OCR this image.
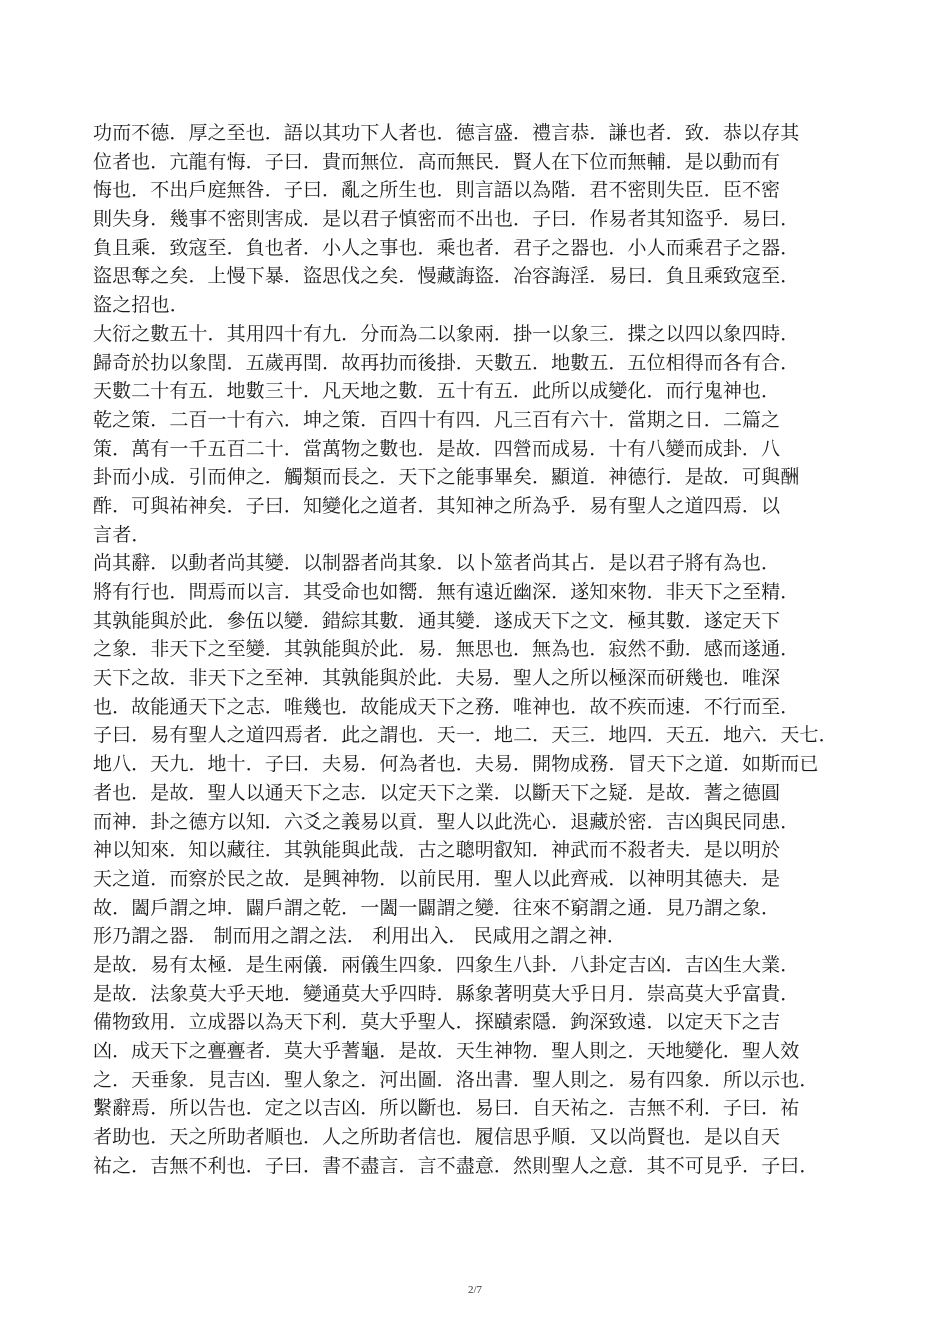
功而不德．厚之至也．語以其功下人者也．德言盛．禮言恭．謙也者．致．恭以存其
位者也．亢龍有悔．子曰．貴而無位．高而無民．賢人在下位而無輔．是以動而有
悔也．不出戶庭無咎．子曰．亂之所生也．則言語以為階．君不密則失臣．臣不密
則失身．幾事不密則害成．是以君子慎密而不出也．子曰．作易者其知盜乎．易曰．
負且乘．致寇至．負也者．小人之事也．乘也者．君子之器也．小人而乘君子之器．
盜思奪之矣．上慢下暴．盜思伐之矣．慢藏誨盜．冶容誨淫．易曰．負且乘致寇至．
盜之招也．
大衍之數五十．其用四十有九．分而為二以象兩．掛一以象三．揲之以四以象四時．
歸奇於扐以象閏．五歲再閏．故再扐而後掛．天數五．地數五．五位相得而各有合．
天數二十有五．地數三十．凡天地之數．五十有五．此所以成變化．而行鬼神也．
乾之策．二百一十有六．坤之策．百四十有四．凡三百有六十．當期之日．二篇之
策．萬有一千五百二十．當萬物之數也．是故．四營而成易．十有八變而成卦．八
卦而小成．引而伸之．觸類而長之．天下之能事畢矣．顯道．神德行．是故．可與酬
酢．可與祐神矣．子曰．知變化之道者．其知神之所為乎．易有聖人之道四焉．以
言者．
尚其辭．以動者尚其變．以制器者尚其象．以卜筮者尚其占．是以君子將有為也．
將有行也．問焉而以言．其受命也如嚮．無有遠近幽深．遂知來物．非天下之至精．
其孰能與於此．參伍以變．錯綜其數．通其變．遂成天下之文．極其數．遂定天下
之象．非天下之至變．其孰能與於此．易．無思也．無為也．寂然不動．感而遂通．
天下之故．非天下之至神．其孰能與於此．夫易．聖人之所以極深而研幾也．唯深
也．故能通天下之志．唯幾也．故能成天下之務．唯神也．故不疾而速．不行而至．
子曰．易有聖人之道四焉者．此之謂也．天一．地二．天三．地四．天五．地六．天七．
地八．天九．地十．子曰．夫易．何為者也．夫易．開物成務．冒天下之道．如斯而已
者也．是故．聖人以通天下之志．以定天下之業．以斷天下之疑．是故．蓍之德圓
而神．卦之德方以知．六爻之義易以貢．聖人以此洗心．退藏於密．吉凶與民同患．
神以知來．知以藏往．其孰能與此哉．古之聰明叡知．神武而不殺者夫．是以明於
天之道．而察於民之故．是興神物．以前民用．聖人以此齊戒．以神明其德夫．是
故．闔戶謂之坤．闢戶謂之乾．一闔一闢謂之變．往來不窮謂之通．見乃謂之象．
形乃謂之器． 制而用之謂之法． 利用出入． 民咸用之謂之神．
是故．易有太極．是生兩儀．兩儀生四象．四象生八卦．八卦定吉凶．吉凶生大業．
是故．法象莫大乎天地．變通莫大乎四時．縣象著明莫大乎日月．崇高莫大乎富貴．
備物致用．立成器以為天下利．莫大乎聖人．探賾索隱．鉤深致遠．以定天下之吉
凶．成天下之亹亹者．莫大乎蓍龜．是故．天生神物．聖人則之．天地變化．聖人效
之．天垂象．見吉凶．聖人象之．河出圖．洛出書．聖人則之．易有四象．所以示也．
繫辭焉．所以告也．定之以吉凶．所以斷也．易曰．自天祐之．吉無不利．子曰．祐
者助也．天之所助者順也．人之所助者信也．履信思乎順．又以尚賢也．是以自天
祐之．吉無不利也．子曰．書不盡言．言不盡意．然則聖人之意．其不可見乎．子曰．
2/7
